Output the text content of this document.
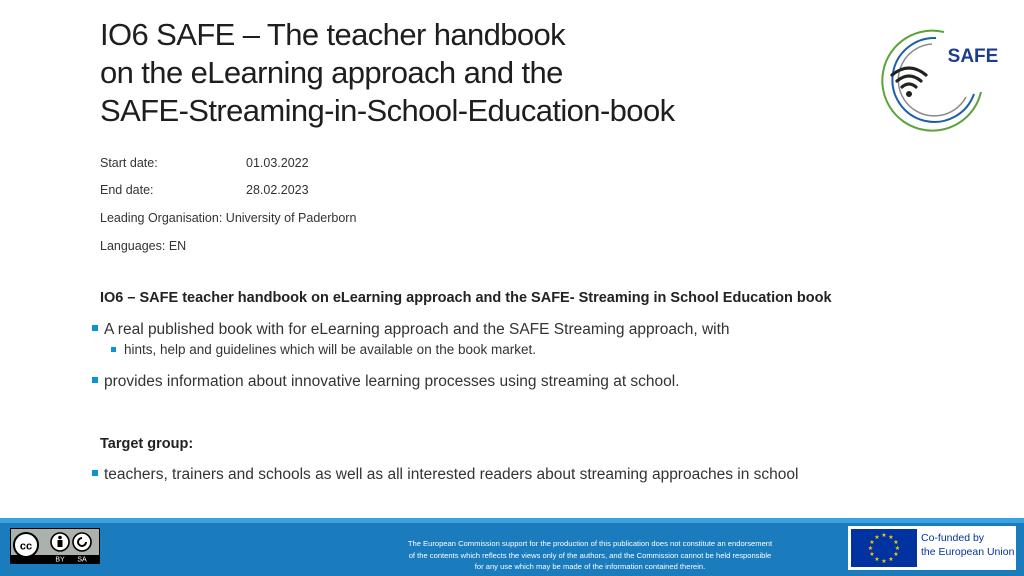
IO6 SAFE – The teacher handbook
on the eLearning approach and the
SAFE-Streaming-in-School-Education-book
SAFE
Start date:	01.03.2022
End date:	28.02.2023
Leading Organisation: University of Paderborn
Languages: EN
IO6 – SAFE teacher handbook on eLearning approach and the SAFE- Streaming in School Education book
A real published book with for eLearning approach and the SAFE Streaming approach, with
hints, help and guidelines which will be available on the book market.
provides information about innovative learning processes using streaming at school.
Target group:
teachers, trainers and schools as well as all interested readers about streaming approaches in school
cc
BY SA
The European Commission support for the production of this publication does not constitute an endorsement
of the contents which reflects the views only of the authors, and the Commission cannot be held responsible
for any use which may be made of the information contained therein.
★ ★
★
★
★
★
★
★
★
★
★
★	Co-funded by
the European Union
